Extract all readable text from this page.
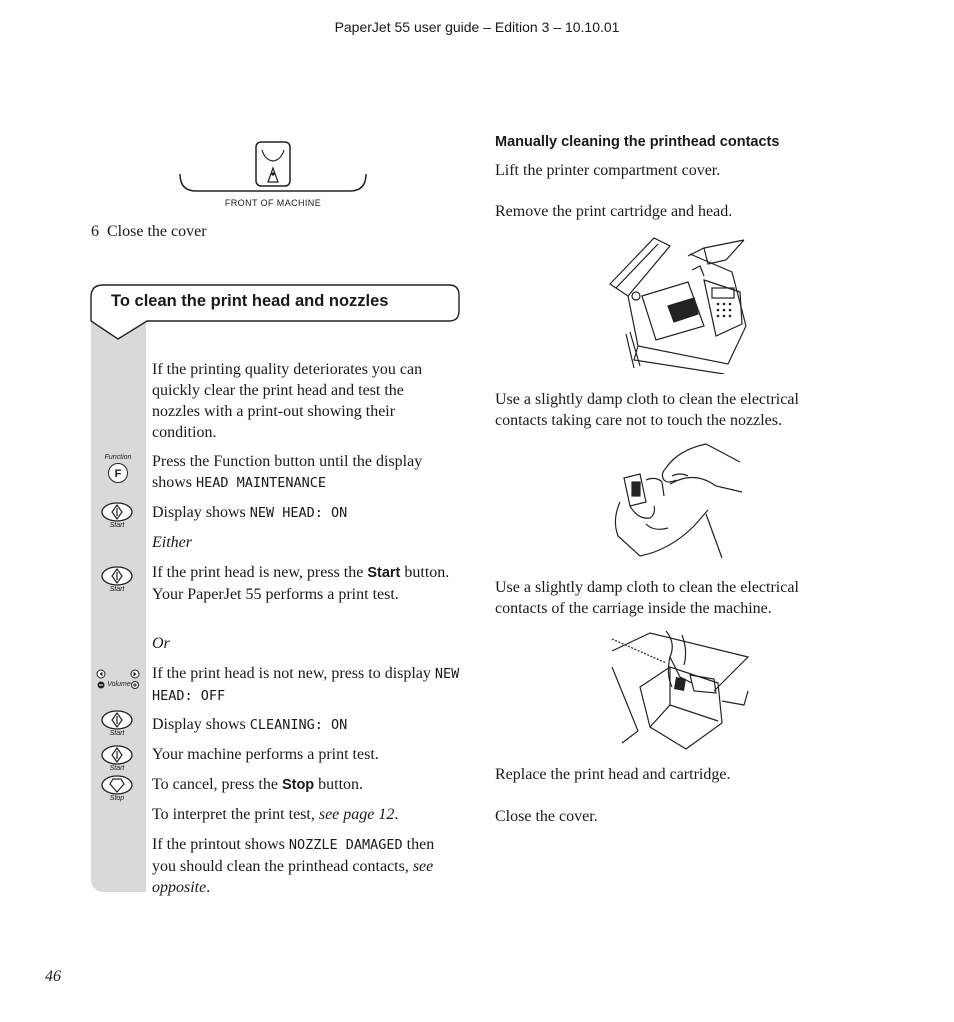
PaperJet 55 user guide – Edition 3 – 10.10.01
FRONT OF MACHINE
6 Close the cover
To clean the print head and nozzles
If the printing quality deteriorates you can quickly clear the print head and test the nozzles with a print-out showing their condition.
Function
F
Press the Function button until the display shows HEAD MAINTENANCE
Start
Display shows NEW HEAD: ON
Either
Start
If the print head is new, press the Start button. Your PaperJet 55 performs a print test.
Or
Volume
If the print head is not new, press to display NEW HEAD: OFF
Start
Display shows CLEANING: ON
Start
Your machine performs a print test.
Stop
To cancel, press the Stop button.
To interpret the print test, see page 12.
If the printout shows NOZZLE DAMAGED then you should clean the printhead contacts, see opposite.
Manually cleaning the printhead contacts
Lift the printer compartment cover.
Remove the print cartridge and head.
Use a slightly damp cloth to clean the electrical contacts taking care not to touch the nozzles.
Use a slightly damp cloth to clean the electrical contacts of the carriage inside the machine.
Replace the print head and cartridge.
Close the cover.
46
